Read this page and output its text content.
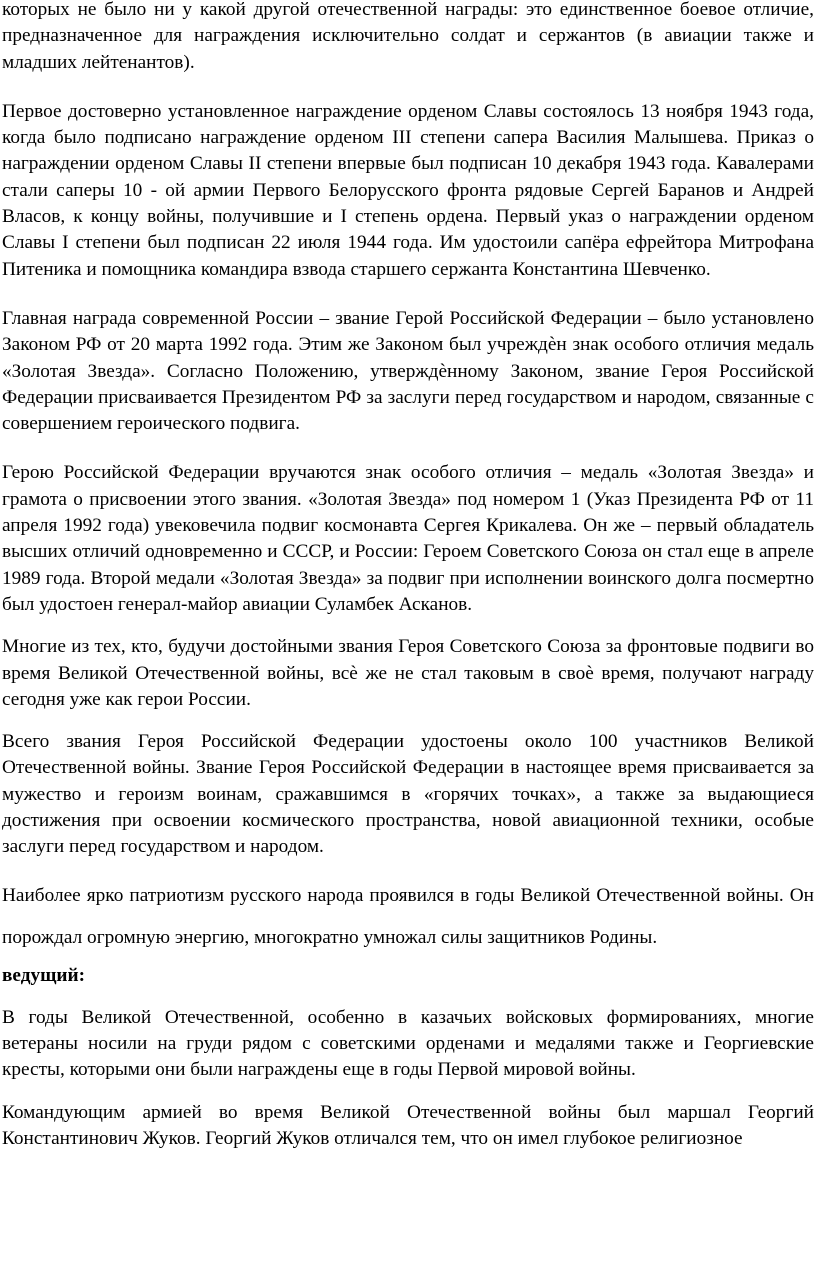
которых не было ни у какой другой отечественной награды: это единственное боевое отличие, предназначенное для награждения исключительно солдат и сержантов (в авиации также и младших лейтенантов).

Первое достоверно установленное награждение орденом Славы состоялось 13 ноября 1943 года, когда было подписано награждение орденом III степени сапера Василия Малышева. Приказ о награждении орденом Славы II степени впервые был подписан 10 декабря 1943 года. Кавалерами стали саперы 10 - ой армии Первого Белорусского фронта рядовые Сергей Баранов и Андрей Власов, к концу войны, получившие и I степень ордена. Первый указ о награждении орденом Славы I степени был подписан 22 июля 1944 года. Им удостоили сапёра ефрейтора Митрофана Питеника и помощника командира взвода старшего сержанта Константина Шевченко.

Главная награда современной России – звание Герой Российской Федерации – было установлено Законом РФ от 20 марта 1992 года. Этим же Законом был учреждѐн знак особого отличия медаль «Золотая Звезда». Согласно Положению, утверждѐнному Законом, звание Героя Российской Федерации присваивается Президентом РФ за заслуги перед государством и народом, связанные с совершением героического подвига.

Герою Российской Федерации вручаются знак особого отличия – медаль «Золотая Звезда» и грамота о присвоении этого звания. «Золотая Звезда» под номером 1 (Указ Президента РФ от 11 апреля 1992 года) увековечила подвиг космонавта Сергея Крикалева. Он же – первый обладатель высших отличий одновременно и СССР, и России: Героем Советского Союза он стал еще в апреле 1989 года. Второй медали «Золотая Звезда» за подвиг при исполнении воинского долга посмертно был удостоен генерал-майор авиации Суламбек Асканов.

Многие из тех, кто, будучи достойными звания Героя Советского Союза за фронтовые подвиги во время Великой Отечественной войны, всѐ же не стал таковым в своѐ время, получают награду сегодня уже как герои России.

Всего звания Героя Российской Федерации удостоены около 100 участников Великой Отечественной войны. Звание Героя Российской Федерации в настоящее время присваивается за мужество и героизм воинам, сражавшимся в «горячих точках», а также за выдающиеся достижения при освоении космического пространства, новой авиационной техники, особые заслуги перед государством и народом.

Наиболее ярко патриотизм русского народа проявился в годы Великой Отечественной войны. Он порождал огромную энергию, многократно умножал силы защитников Родины.

ведущий:

В годы Великой Отечественной, особенно в казачьих войсковых формированиях, многие ветераны носили на груди рядом с советскими орденами и медалями также и Георгиевские кресты, которыми они были награждены еще в годы Первой мировой войны.

Командующим армией во время Великой Отечественной войны был маршал Георгий Константинович Жуков. Георгий Жуков отличался тем, что он имел глубокое религиозное
